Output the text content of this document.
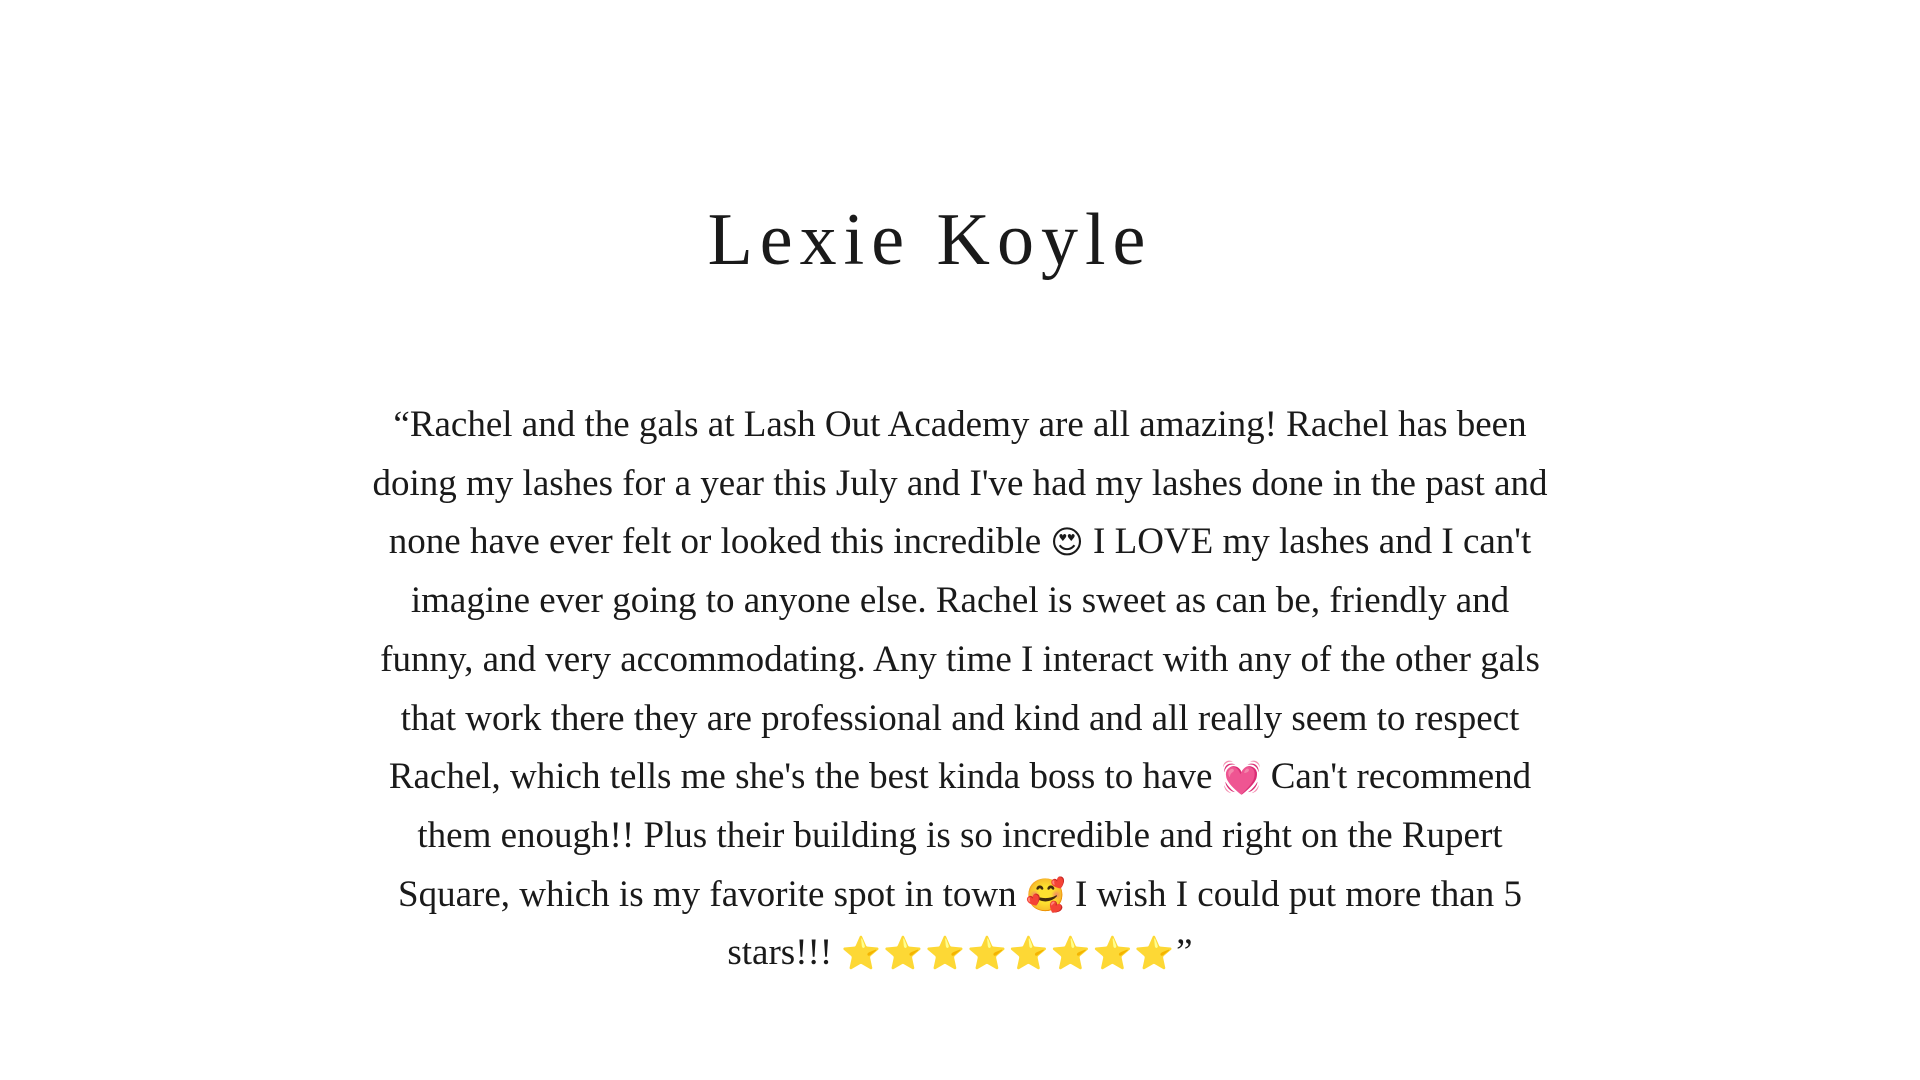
Lexie Koyle

“Rachel and the gals at Lash Out Academy are all amazing! Rachel has been doing my lashes for a year this July and I've had my lashes done in the past and none have ever felt or looked this incredible 😍 I LOVE my lashes and I can't imagine ever going to anyone else. Rachel is sweet as can be, friendly and funny, and very accommodating. Any time I interact with any of the other gals that work there they are professional and kind and all really seem to respect Rachel, which tells me she's the best kinda boss to have 💓 Can't recommend them enough!! Plus their building is so incredible and right on the Rupert Square, which is my favorite spot in town 🥰 I wish I could put more than 5 stars!!! ⭐⭐⭐⭐⭐⭐⭐⭐”
